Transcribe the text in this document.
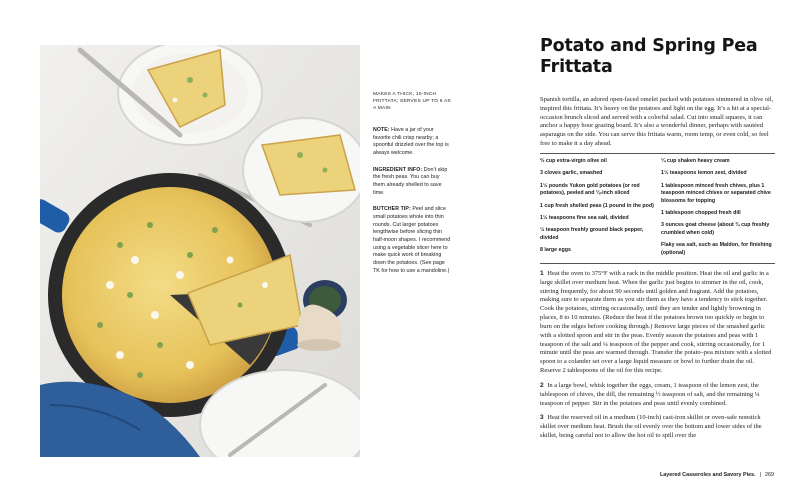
MAKES A THICK, 10-INCH FRITTATA; SERVES UP TO 6 AS A MAIN

NOTE: Have a jar of your favorite chili crisp nearby; a spoonful drizzled over the top is always welcome.

INGREDIENT INFO: Don’t skip the fresh peas. You can buy them already shelled to save time.

BUTCHER TIP: Peel and slice small potatoes whole into thin rounds. Cut larger potatoes lengthwise before slicing thin half-moon shapes. I recommend using a vegetable slicer here to make quick work of breaking down the potatoes. (See page TK for how to use a mandoline.)

Potato and Spring Pea Frittata

Spanish tortilla, an adored open-faced omelet packed with potatoes simmered in olive oil, inspired this frittata. It’s heavy on the potatoes and light on the egg. It’s a hit at a special-occasion brunch sliced and served with a colorful salad. Cut into small squares, it can anchor a happy hour grazing board. It’s also a wonderful dinner, perhaps with sautéed asparagus on the side. You can serve this frittata warm, room temp, or even cold, so feel free to make it a day ahead.

⅔ cup extra-virgin olive oil

3 cloves garlic, smashed

1½ pounds Yukon gold potatoes (or red potatoes), peeled and ⅛-inch sliced

1 cup fresh shelled peas (1 pound in the pod)

1½ teaspoons fine sea salt, divided

½ teaspoon freshly ground black pepper, divided

8 large eggs

¼ cup shaken heavy cream

1½ teaspoons lemon zest, divided

1 tablespoon minced fresh chives, plus 1 teaspoon minced chives or separated chive blossoms for topping

1 tablespoon chopped fresh dill

3 ounces goat cheese (about ¾ cup freshly crumbled when cold)

Flaky sea salt, such as Maldon, for finishing (optional)

1 Heat the oven to 375°F with a rack in the middle position. Heat the oil and garlic in a large skillet over medium heat. When the garlic just begins to simmer in the oil, cook, stirring frequently, for about 90 seconds until golden and fragrant. Add the potatoes, making sure to separate them as you stir them as they have a tendency to stick together. Cook the potatoes, stirring occasionally, until they are tender and lightly browning in places, 8 to 10 minutes. (Reduce the heat if the potatoes brown too quickly or begin to burn on the edges before cooking through.) Remove large pieces of the smashed garlic with a slotted spoon and stir in the peas. Evenly season the potatoes and peas with 1 teaspoon of the salt and ¼ teaspoon of the pepper and cook, stirring occasionally, for 1 minute until the peas are warmed through. Transfer the potato–pea mixture with a slotted spoon to a colander set over a large liquid measure or bowl to further drain the oil. Reserve 2 tablespoons of the oil for this recipe.

2 In a large bowl, whisk together the eggs, cream, 1 teaspoon of the lemon zest, the tablespoon of chives, the dill, the remaining ½ teaspoon of salt, and the remaining ¼ teaspoon of pepper. Stir in the potatoes and peas until evenly combined.

3 Heat the reserved oil in a medium (10-inch) cast-iron skillet or oven-safe nonstick skillet over medium heat. Brush the oil evenly over the bottom and lower sides of the skillet, being careful not to allow the hot oil to spill over the

Layered Casseroles and Savory Pies. | 269
